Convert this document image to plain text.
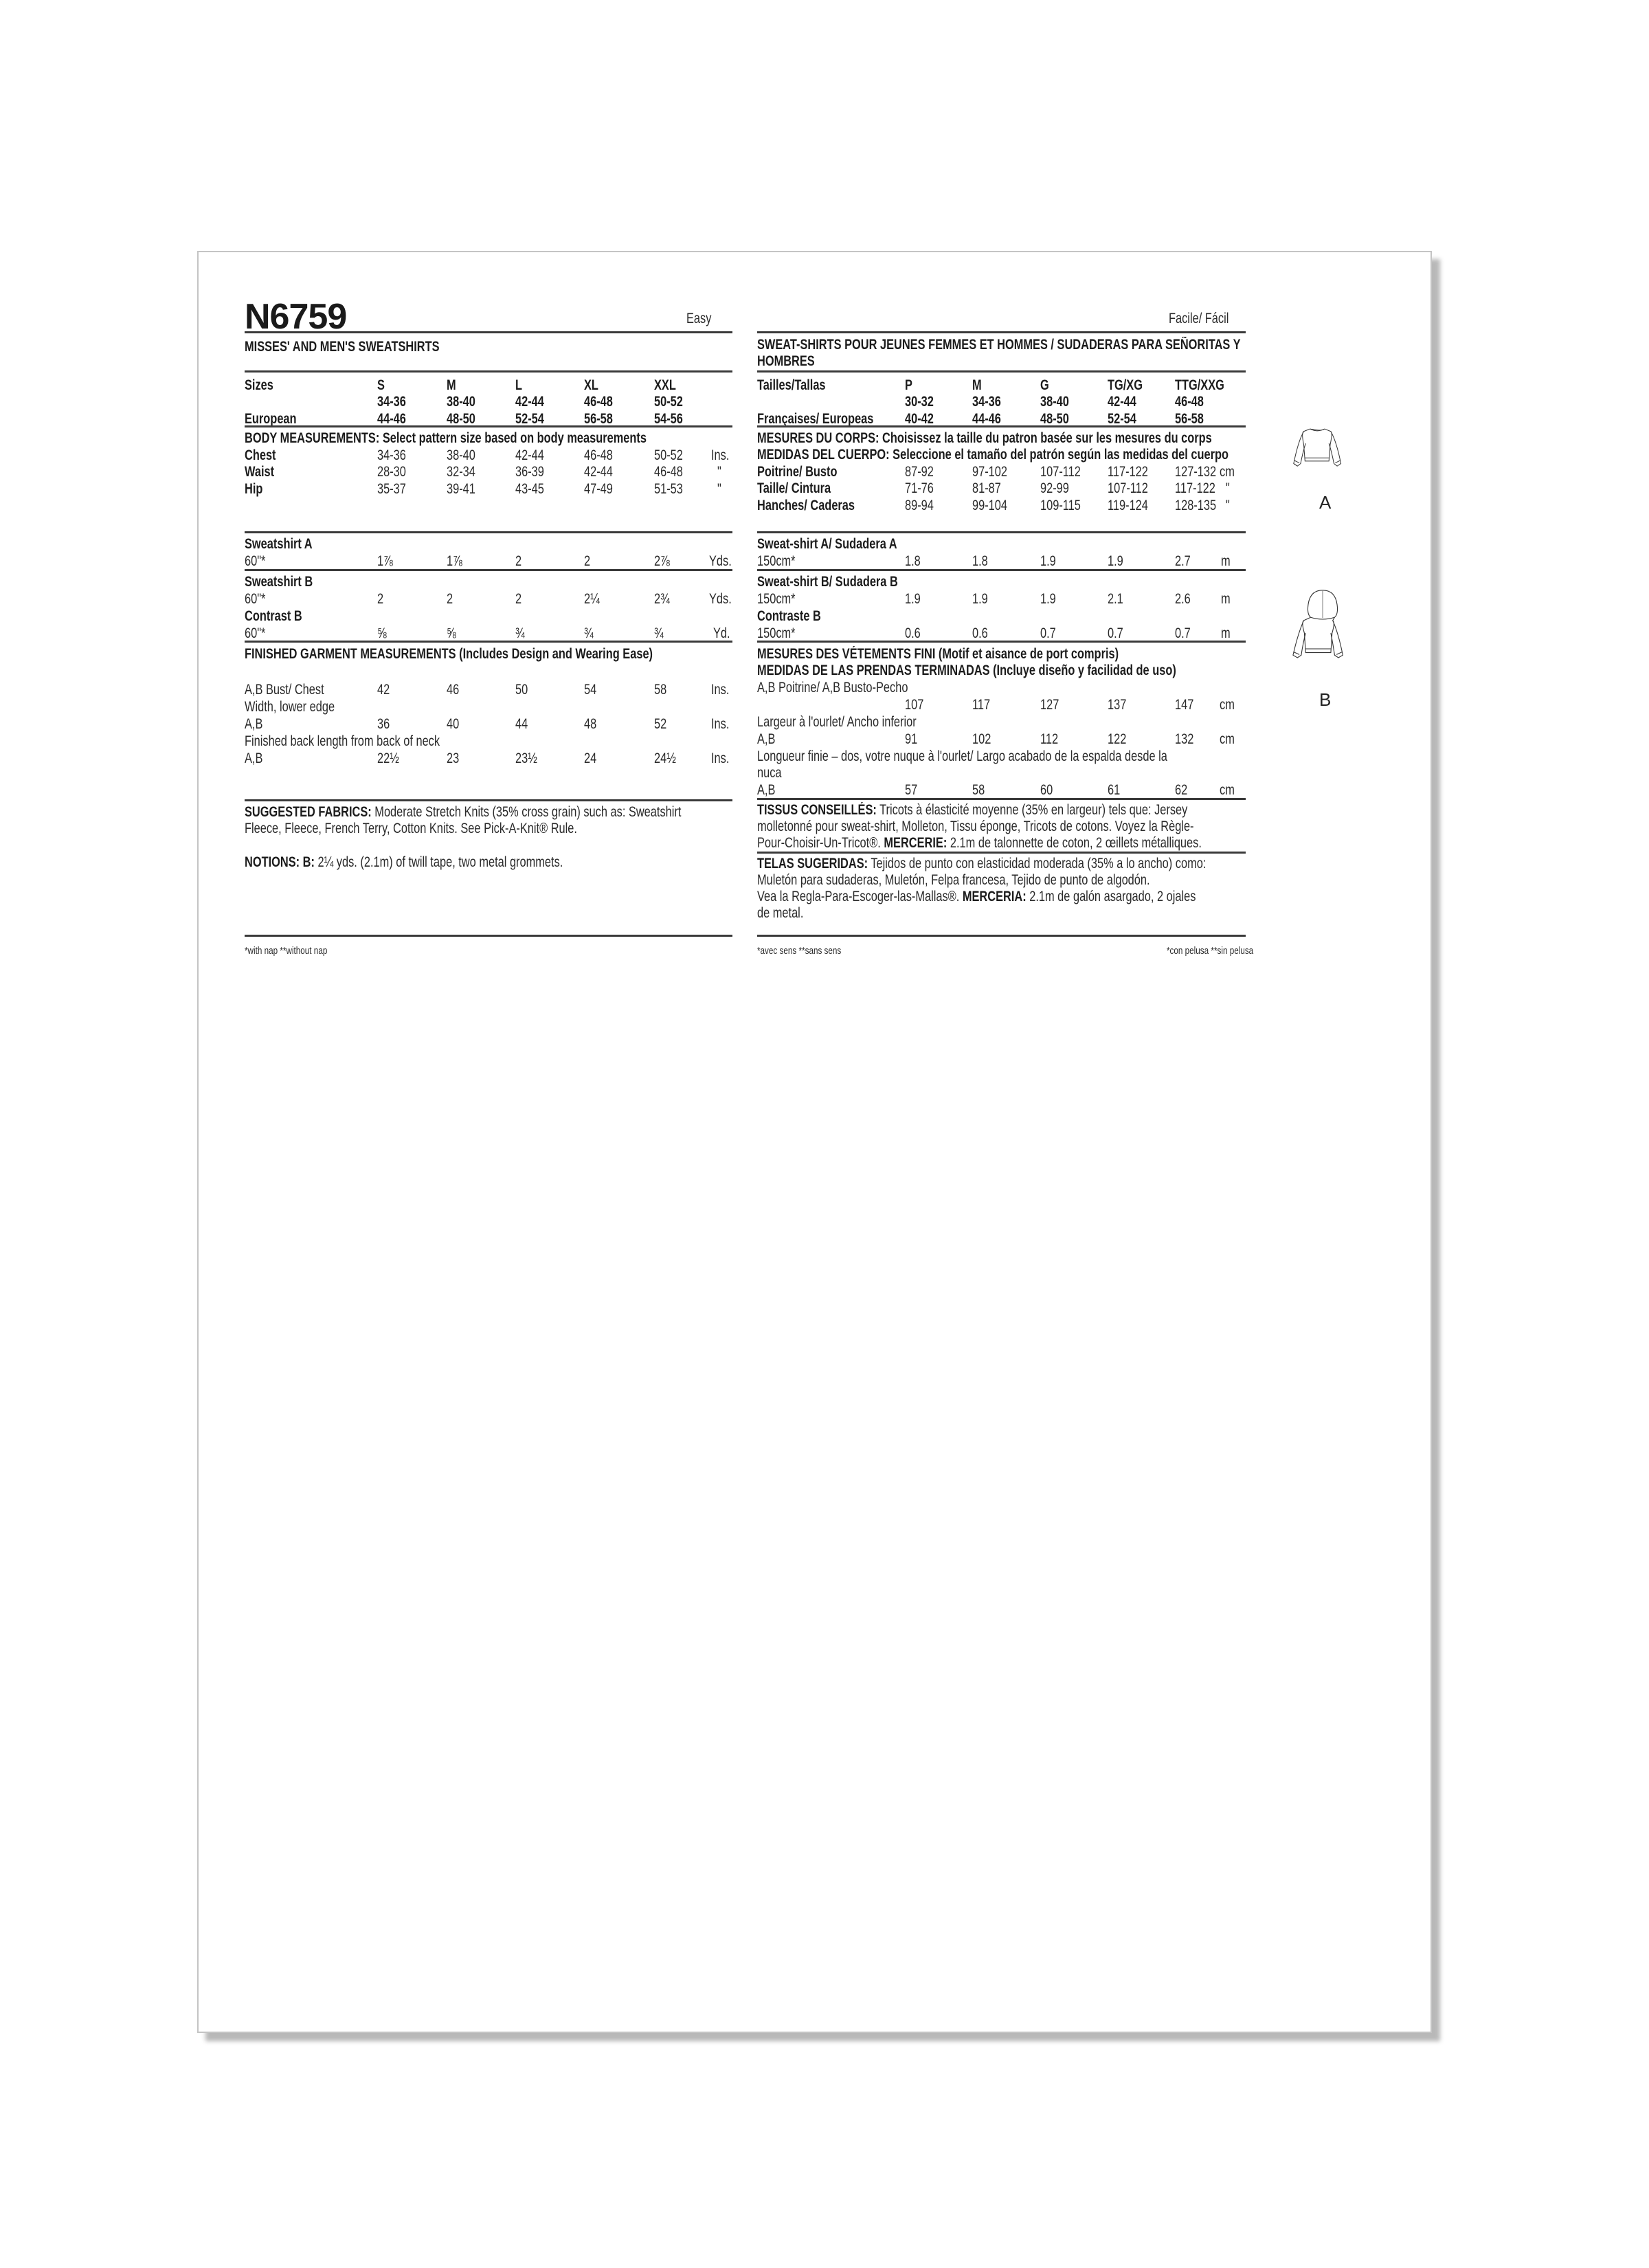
N6759	Easy
MISSES' AND MEN'S SWEATSHIRTS
Sizes	S	M	L	XL	XXL
34-36	38-40	42-44	46-48	50-52
European	44-46	48-50	52-54	56-58	54-56
BODY MEASUREMENTS: Select pattern size based on body measurements
Chest	34-36	38-40	42-44	46-48	50-52 Ins.
Waist	28-30	32-34	36-39	42-44	46-48 "
Hip	35-37	39-41	43-45	47-49	51-53 "
Sweatshirt A
60"*	1⅞	1⅞	2	2	2⅞	Yds.
Sweatshirt B
60"*	2	2	2	2¼	2¾	Yds.
Contrast B
60"*	⅝	⅝	¾	¾	¾	Yd.
FINISHED GARMENT MEASUREMENTS (Includes Design and Wearing Ease)
A,B Bust/ Chest	42	46	50	54	58	Ins.
Width, lower edge
A,B	36	40	44	48	52	Ins.
Finished back length from back of neck
A,B	22½	23	23½	24	24½ Ins.
SUGGESTED FABRICS: Moderate Stretch Knits (35% cross grain) such as: Sweatshirt
Fleece, Fleece, French Terry, Cotton Knits. See Pick-A-Knit® Rule.
NOTIONS: B: 2¼ yds. (2.1m) of twill tape, two metal grommets.
*with nap **without nap
Facile/ Fácil
SWEAT-SHIRTS POUR JEUNES FEMMES ET HOMMES / SUDADERAS PARA SEÑORITAS Y
HOMBRES
Tailles/Tallas	P	M	G	TG/XG TTG/XXG
30-32	34-36	38-40	42-44	46-48
Françaises/ Europeas 40-42	44-46	48-50	52-54	56-58
MESURES DU CORPS: Choisissez la taille du patron basée sur les mesures du corps
MEDIDAS DEL CUERPO: Seleccione el tamaño del patrón según las medidas del cuerpo
Poitrine/ Busto	87-92	97-102 107-112 117-122 127-132 cm
Taille/ Cintura	71-76	81-87	92-99	107-112 117-122 "
Hanches/ Caderas	89-94	99-104 109-115 119-124 128-135 "
Sweat-shirt A/ Sudadera A
150cm*	1.8	1.8	1.9	1.9	2.7 m
Sweat-shirt B/ Sudadera B
150cm*	1.9	1.9	1.9	2.1	2.6 m
Contraste B
150cm*	0.6	0.6	0.7	0.7	0.7 m
MESURES DES VÉTEMENTS FINI (Motif et aisance de port compris)
MEDIDAS DE LAS PRENDAS TERMINADAS (Incluye diseño y facilidad de uso)
A,B Poitrine/ A,B Busto-Pecho
107	117	127	137	147 cm
Largeur à l'ourlet/ Ancho inferior
A,B	91	102	112	122	132 cm
Longueur finie – dos, votre nuque à l'ourlet/ Largo acabado de la espalda desde la
nuca
A,B	57	58	60	61	62 cm
TISSUS CONSEILLÉS: Tricots à élasticité moyenne (35% en largeur) tels que: Jersey
molletonné pour sweat-shirt, Molleton, Tissu éponge, Tricots de cotons. Voyez la Règle-
Pour-Choisir-Un-Tricot®. MERCERIE: 2.1m de talonnette de coton, 2 œillets métalliques.
TELAS SUGERIDAS: Tejidos de punto con elasticidad moderada (35% a lo ancho) como:
Muletón para sudaderas, Muletón, Felpa francesa, Tejido de punto de algodón.
Vea la Regla-Para-Escoger-las-Mallas®. MERCERIA: 2.1m de galón asargado, 2 ojales
de metal.
*avec sens **sans sens	*con pelusa **sin pelusa
A
B
